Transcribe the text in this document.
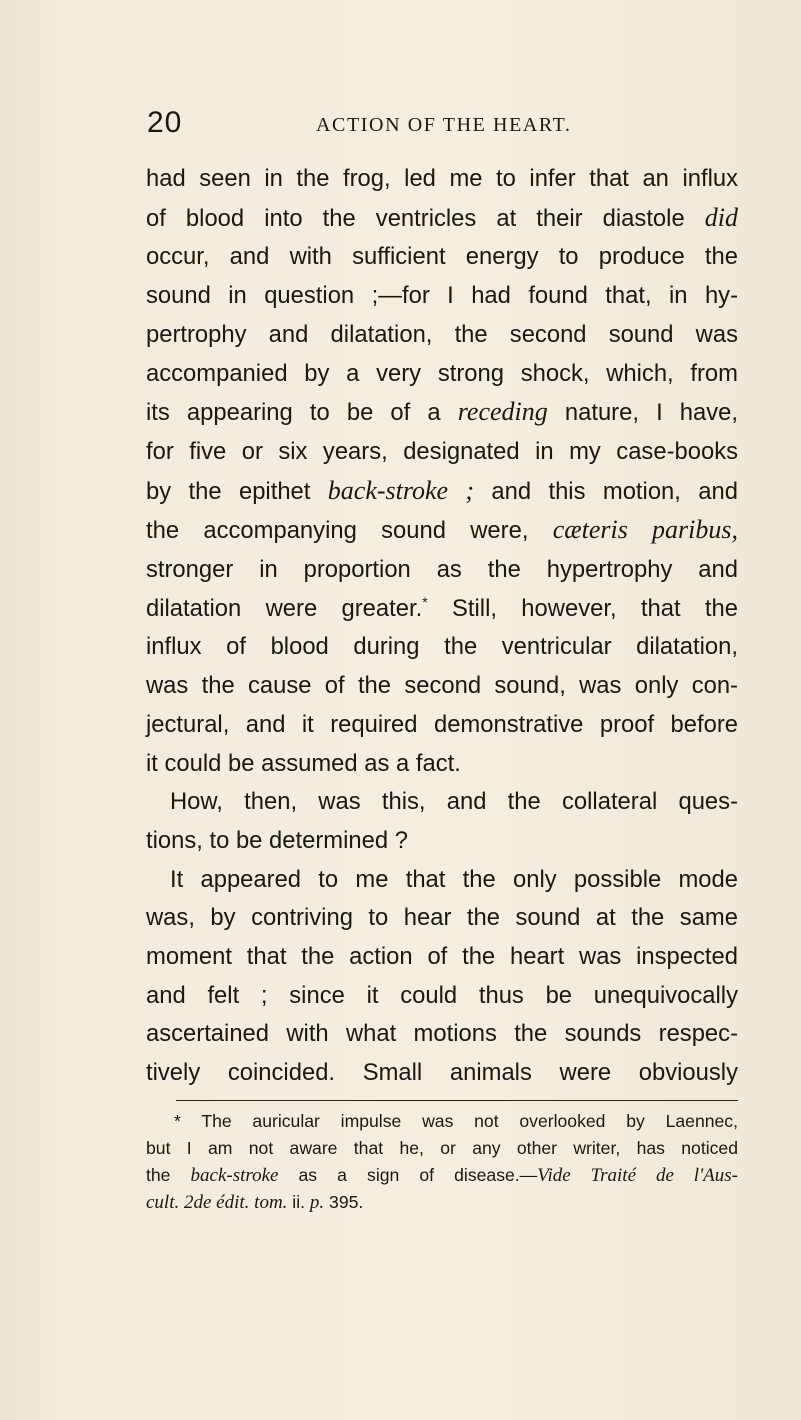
20	ACTION OF THE HEART.

had seen in the frog, led me to infer that an influx
of blood into the ventricles at their diastole did
occur, and with sufficient energy to produce the
sound in question ;—for I had found that, in hy-
pertrophy and dilatation, the second sound was
accompanied by a very strong shock, which, from
its appearing to be of a receding nature, I have,
for five or six years, designated in my case-books
by the epithet back-stroke ; and this motion, and
the accompanying sound were, cæteris paribus,
stronger in proportion as the hypertrophy and
dilatation were greater.* Still, however, that the
influx of blood during the ventricular dilatation,
was the cause of the second sound, was only con-
jectural, and it required demonstrative proof before
it could be assumed as a fact.

How, then, was this, and the collateral ques-
tions, to be determined ?

It appeared to me that the only possible mode
was, by contriving to hear the sound at the same
moment that the action of the heart was inspected
and felt ; since it could thus be unequivocally
ascertained with what motions the sounds respec-
tively coincided. Small animals were obviously

* The auricular impulse was not overlooked by Laennec,
but I am not aware that he, or any other writer, has noticed
the back-stroke as a sign of disease.—Vide Traité de l'Aus-
cult. 2de édit. tom. ii. p. 395.
